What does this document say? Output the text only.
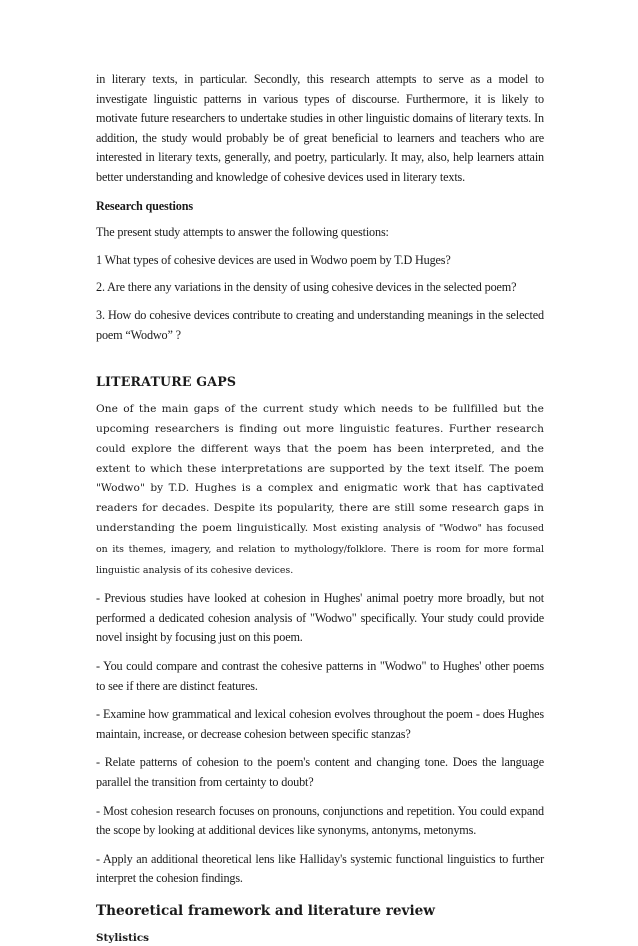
in literary texts, in particular. Secondly, this research attempts to serve as a model to investigate linguistic patterns in various types of discourse. Furthermore, it is likely to motivate future researchers to undertake studies in other linguistic domains of literary texts. In addition, the study would probably be of great beneficial to learners and teachers who are interested in literary texts, generally, and poetry, particularly. It may, also, help learners attain better understanding and knowledge of cohesive devices used in literary texts.

Research questions

The present study attempts to answer the following questions:

1 What types of cohesive devices are used in Wodwo poem by T.D Huges?

2. Are there any variations in the density of using cohesive devices in the selected poem?

3. How do cohesive devices contribute to creating and understanding meanings in the selected poem “Wodwo” ?

LITERATURE GAPS

One of the main gaps of the current study which needs to be fullfilled but the upcoming researchers is finding out more linguistic features. Further research could explore the different ways that the poem has been interpreted, and the extent to which these interpretations are supported by the text itself. The poem "Wodwo" by T.D. Hughes is a complex and enigmatic work that has captivated readers for decades. Despite its popularity, there are still some research gaps in understanding the poem linguistically. Most existing analysis of "Wodwo" has focused on its themes, imagery, and relation to mythology/folklore. There is room for more formal linguistic analysis of its cohesive devices.

- Previous studies have looked at cohesion in Hughes' animal poetry more broadly, but not performed a dedicated cohesion analysis of "Wodwo" specifically. Your study could provide novel insight by focusing just on this poem.

- You could compare and contrast the cohesive patterns in "Wodwo" to Hughes' other poems to see if there are distinct features.

- Examine how grammatical and lexical cohesion evolves throughout the poem - does Hughes maintain, increase, or decrease cohesion between specific stanzas?

- Relate patterns of cohesion to the poem's content and changing tone. Does the language parallel the transition from certainty to doubt?

- Most cohesion research focuses on pronouns, conjunctions and repetition. You could expand the scope by looking at additional devices like synonyms, antonyms, metonyms.

- Apply an additional theoretical lens like Halliday's systemic functional linguistics to further interpret the cohesion findings.

Theoretical framework and literature review

Stylistics
